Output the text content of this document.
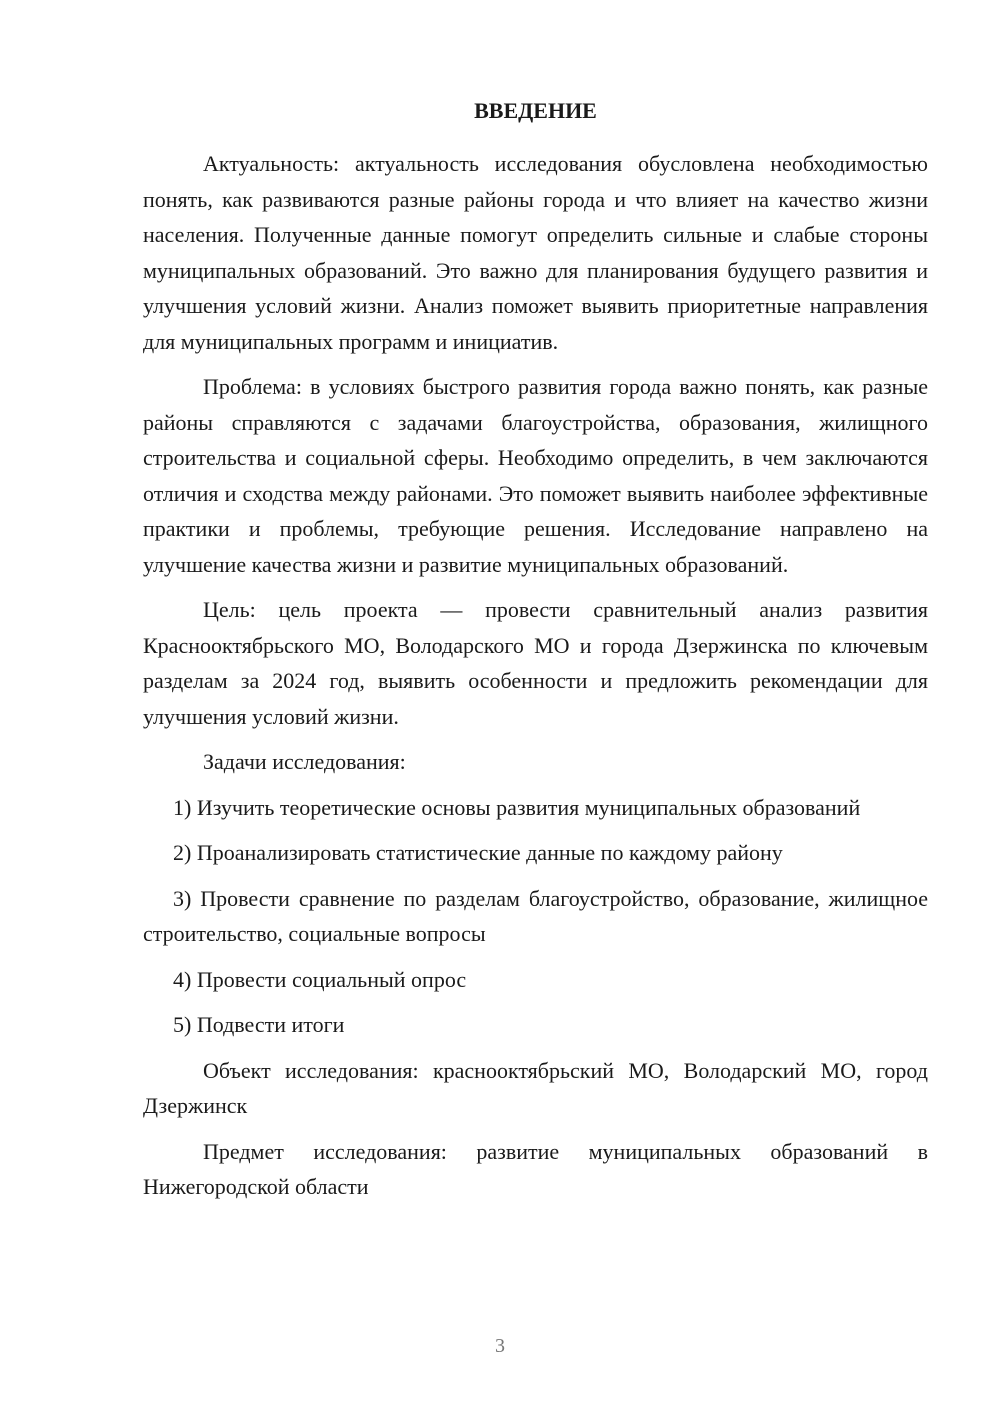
ВВЕДЕНИЕ

Актуальность: актуальность исследования обусловлена необходимостью понять, как развиваются разные районы города и что влияет на качество жизни населения. Полученные данные помогут определить сильные и слабые стороны муниципальных образований. Это важно для планирования будущего развития и улучшения условий жизни. Анализ поможет выявить приоритетные направления для муниципальных программ и инициатив.

Проблема: в условиях быстрого развития города важно понять, как разные районы справляются с задачами благоустройства, образования, жилищного строительства и социальной сферы. Необходимо определить, в чем заключаются отличия и сходства между районами. Это поможет выявить наиболее эффективные практики и проблемы, требующие решения. Исследование направлено на улучшение качества жизни и развитие муниципальных образований.

Цель: цель проекта — провести сравнительный анализ развития Краснооктябрьского МО, Володарского МО и города Дзержинска по ключевым разделам за 2024 год, выявить особенности и предложить рекомендации для улучшения условий жизни.

Задачи исследования:

1) Изучить теоретические основы развития муниципальных образований

2) Проанализировать статистические данные по каждому району

3) Провести сравнение по разделам благоустройство, образование, жилищное строительство, социальные вопросы

4) Провести социальный опрос

5) Подвести итоги

Объект исследования: краснооктябрьский МО, Володарский МО, город Дзержинск

Предмет исследования: развитие муниципальных образований в Нижегородской области

3
